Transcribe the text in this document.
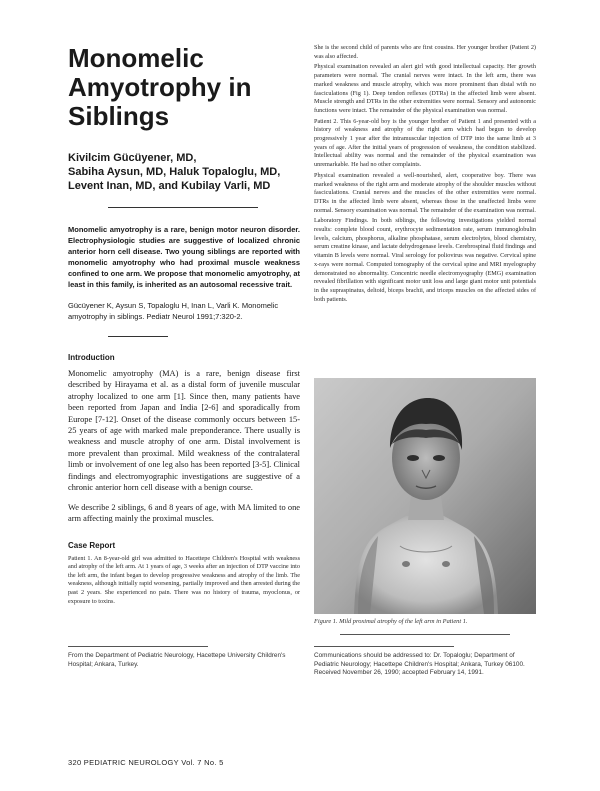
Monomelic
Amyotrophy in
Siblings
Kivilcim Gücüyener, MD,
Sabiha Aysun, MD, Haluk Topaloglu, MD,
Levent Inan, MD, and Kubilay Varli, MD

Monomelic amyotrophy is a rare, benign motor neuron disorder. Electrophysiologic studies are suggestive of localized chronic anterior horn cell disease. Two young siblings are reported with monomelic amyotrophy who had proximal muscle weakness confined to one arm. We propose that monomelic amyotrophy, at least in this family, is inherited as an autosomal recessive trait.

Gücüyener K, Aysun S, Topaloglu H, Inan L, Varli K. Monomelic amyotrophy in siblings. Pediatr Neurol 1991;7:320-2.

Introduction

Monomelic amyotrophy (MA) is a rare, benign disease first described by Hirayama et al. as a distal form of juvenile muscular atrophy localized to one arm [1]. Since then, many patients have been reported from Japan and India [2-6] and sporadically from Europe [7-12]. Onset of the disease commonly occurs between 15-25 years of age with marked male preponderance. There usually is weakness and muscle atrophy of one arm. Distal involvement is more prevalent than proximal. Mild weakness of the contralateral limb or involvement of one leg also has been reported [3-5]. Clinical findings and electromyographic investigations are suggestive of a chronic anterior horn cell disease with a benign course.

We describe 2 siblings, 6 and 8 years of age, with MA limited to one arm affecting mainly the proximal muscles.

Case Report

Patient 1. An 8-year-old girl was admitted to Hacettepe Children's Hospital with weakness and atrophy of the left arm. At 1 years of age, 3 weeks after an injection of DTP vaccine into the left arm, the infant began to develop progressive weakness and atrophy of the limb. The weakness, although initially rapid worsening, partially improved and then arrested during the past 2 years. She experienced no pain. There was no history of trauma, myoclonus, or exposure to toxins.

She is the second child of parents who are first cousins. Her younger brother (Patient 2) was also affected.

Physical examination revealed an alert girl with good intellectual capacity. Her growth parameters were normal. The cranial nerves were intact. In the left arm, there was marked weakness and muscle atrophy, which was more prominent than distal with no fasciculations (Fig 1). Deep tendon reflexes (DTRs) in the affected limb were absent. Muscle strength and DTRs in the other extremities were normal. Sensory and autonomic functions were intact. The remainder of the physical examination was normal.

Patient 2. This 6-year-old boy is the younger brother of Patient 1 and presented with a history of weakness and atrophy of the right arm which had begun to develop progressively 1 year after the intramuscular injection of DTP into the same limb at 3 years of age. After the initial years of progression of weakness, the condition stabilized. Intellectual ability was normal and the remainder of the physical examination was unremarkable. He had no other complaints.

Physical examination revealed a well-nourished, alert, cooperative boy. There was marked weakness of the right arm and moderate atrophy of the shoulder muscles without fasciculations. Cranial nerves and the muscles of the other extremities were normal. DTRs in the affected limb were absent, whereas those in the unaffected limbs were normal. Sensory examination was normal. The remainder of the examination was normal.

Laboratory Findings. In both siblings, the following investigations yielded normal results: complete blood count, erythrocyte sedimentation rate, serum immunoglobulin levels, calcium, phosphorus, alkaline phosphatase, serum electrolytes, blood chemistry, serum creatine kinase, and lactate dehydrogenase levels. Cerebrospinal fluid findings and vitamin B levels were normal. Viral serology for poliovirus was negative. Cervical spine x-rays were normal. Computed tomography of the cervical spine and MRI myelography demonstrated no abnormality. Concentric needle electromyography (EMG) examination revealed fibrillation with significant motor unit loss and large giant motor unit potentials in the supraspinatus, deltoid, biceps brachii, and triceps muscles on the affected sides of both patients.

Figure 1. Mild proximal atrophy of the left arm in Patient 1.
From the Department of Pediatric Neurology, Hacettepe University Children's Hospital; Ankara, Turkey.
Communications should be addressed to: Dr. Topaloglu; Department of Pediatric Neurology; Hacettepe Children's Hospital; Ankara, Turkey 06100.
Received November 26, 1990; accepted February 14, 1991.
320 PEDIATRIC NEUROLOGY Vol. 7 No. 5
